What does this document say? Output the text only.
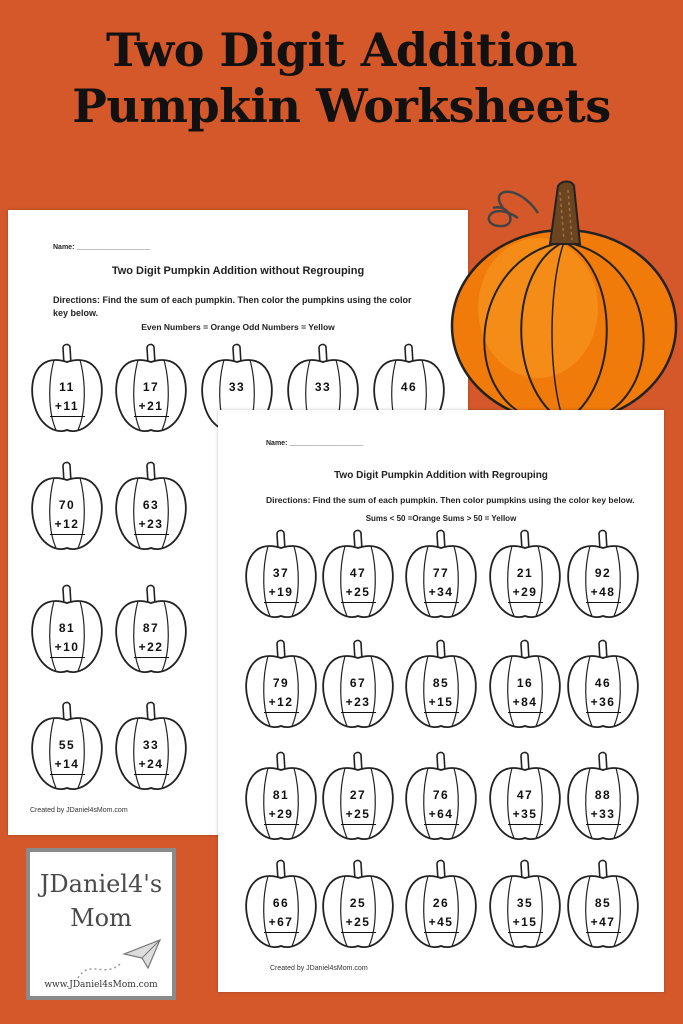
Two Digit Addition
Pumpkin Worksheets
Name: ___________________
Two Digit Pumpkin Addition without Regrouping
Directions: Find the sum of each pumpkin. Then color the pumpkins using the color key below.
Even Numbers = Orange Odd Numbers = Yellow
11
+11
17
+21
33	33	46
70
+12
63
+23
81
+10
87
+22
55
+14
33
+24
Created by JDaniel4sMom.com
Name: ___________________
Two Digit Pumpkin Addition with Regrouping
Directions: Find the sum of each pumpkin. Then color pumpkins using the color key below.
Sums < 50 =Orange Sums > 50 = Yellow
37
+19
47
+25
77
+34
21
+29
92
+48
79
+12
67
+23
85
+15
16
+84
46
+36
81
+29
27
+25
76
+64
47
+35
88
+33
66
+67
25
+25
26
+45
35
+15
85
+47
Created by JDaniel4sMom.com
JDaniel4's
Mom
www.JDaniel4sMom.com
